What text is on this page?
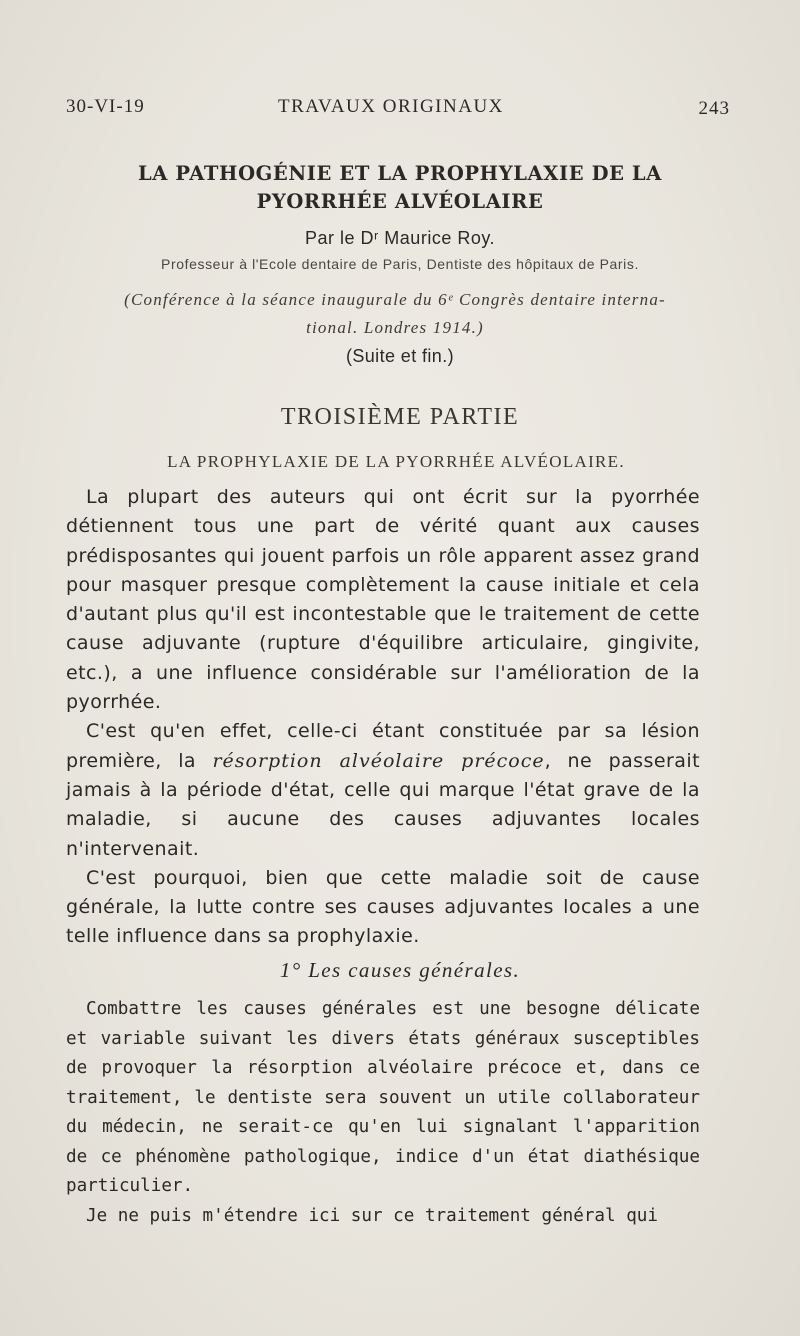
30-VI-19	TRAVAUX ORIGINAUX	243
LA PATHOGÉNIE ET LA PROPHYLAXIE DE LA
PYORRHÉE ALVÉOLAIRE
Par le Dʳ Maurice Roy.
Professeur à l'Ecole dentaire de Paris, Dentiste des hôpitaux de Paris.
(Conférence à la séance inaugurale du 6ᵉ Congrès dentaire interna-
tional. Londres 1914.)
(Suite et fin.)
TROISIÈME PARTIE
LA PROPHYLAXIE DE LA PYORRHÉE ALVÉOLAIRE.

La plupart des auteurs qui ont écrit sur la pyorrhée détiennent tous une part de vérité quant aux causes prédisposantes qui jouent parfois un rôle apparent assez grand pour masquer presque complètement la cause initiale et cela d'autant plus qu'il est incontestable que le traitement de cette cause adjuvante (rupture d'équilibre articulaire, gingivite, etc.), a une influence considérable sur l'amélioration de la pyorrhée.

C'est qu'en effet, celle-ci étant constituée par sa lésion première, la résorption alvéolaire précoce, ne passerait jamais à la période d'état, celle qui marque l'état grave de la maladie, si aucune des causes adjuvantes locales n'intervenait.

C'est pourquoi, bien que cette maladie soit de cause générale, la lutte contre ses causes adjuvantes locales a une telle influence dans sa prophylaxie.

1° Les causes générales.

Combattre les causes générales est une besogne délicate et variable suivant les divers états généraux susceptibles de provoquer la résorption alvéolaire précoce et, dans ce traitement, le dentiste sera souvent un utile collaborateur du médecin, ne serait-ce qu'en lui signalant l'apparition de ce phénomène pathologique, indice d'un état diathésique particulier.

Je ne puis m'étendre ici sur ce traitement général qui
